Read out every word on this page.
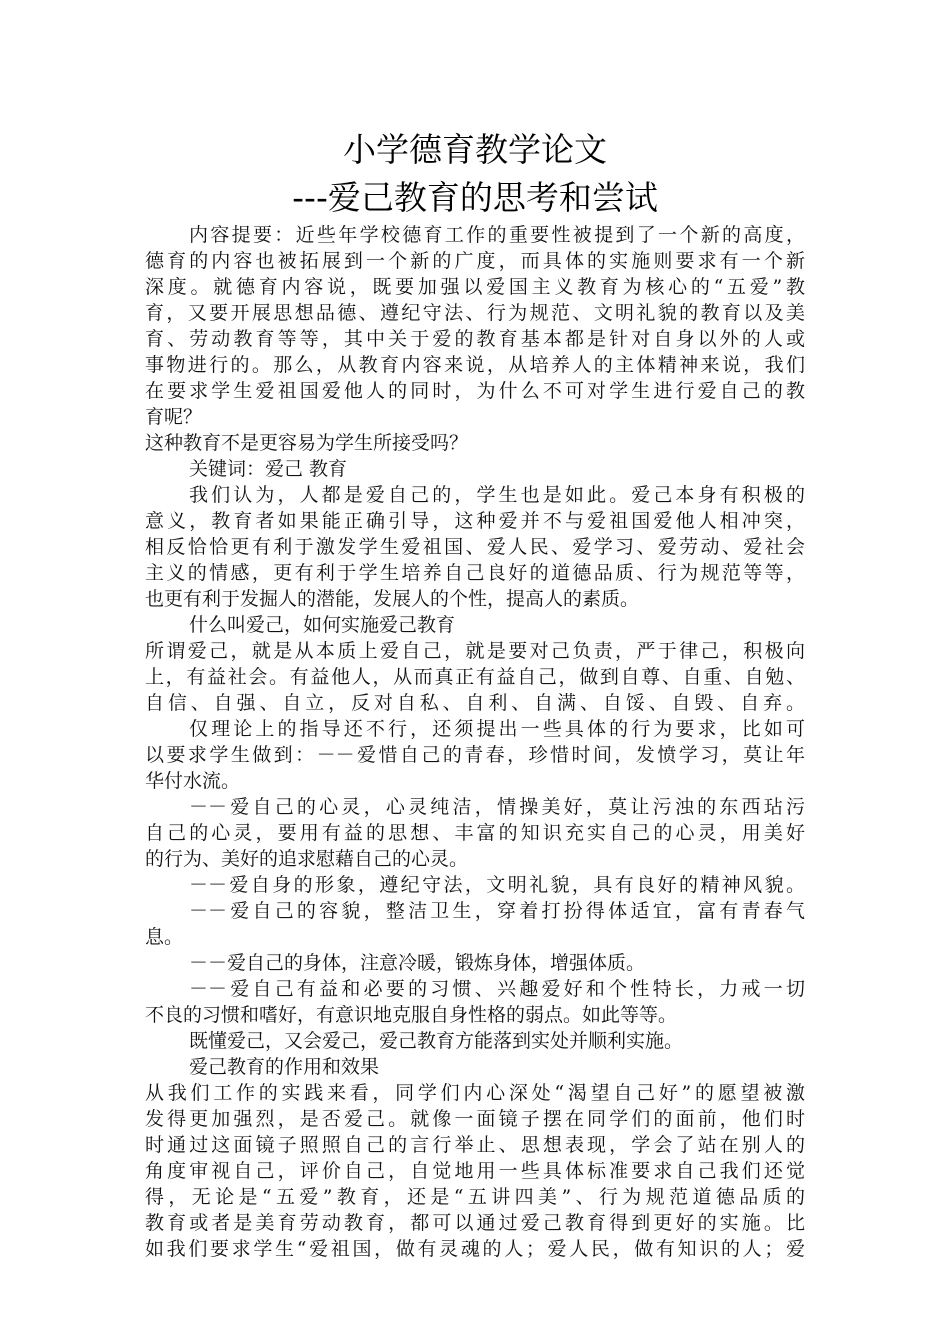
小学德育教学论文
---爱己教育的思考和尝试
内容提要：近些年学校德育工作的重要性被提到了一个新的高度，
德育的内容也被拓展到一个新的广度，而具体的实施则要求有一个新
深度。就德育内容说，既要加强以爱国主义教育为核心的“五爱”教
育，又要开展思想品德、遵纪守法、行为规范、文明礼貌的教育以及美
育、劳动教育等等，其中关于爱的教育基本都是针对自身以外的人或
事物进行的。那么，从教育内容来说，从培养人的主体精神来说，我们
在要求学生爱祖国爱他人的同时，为什么不可对学生进行爱自己的教
育呢？
这种教育不是更容易为学生所接受吗？
关键词：爱己 教育
我们认为，人都是爱自己的，学生也是如此。爱己本身有积极的
意义，教育者如果能正确引导，这种爱并不与爱祖国爱他人相冲突，
相反恰恰更有利于激发学生爱祖国、爱人民、爱学习、爱劳动、爱社会
主义的情感，更有利于学生培养自己良好的道德品质、行为规范等等，
也更有利于发掘人的潜能，发展人的个性，提高人的素质。
什么叫爱己，如何实施爱己教育
所谓爱己，就是从本质上爱自己，就是要对己负责，严于律己，积极向
上，有益社会。有益他人，从而真正有益自己，做到自尊、自重、自勉、
自信、自强、自立，反对自私、自利、自满、自馁、自毁、自弃。
仅理论上的指导还不行，还须提出一些具体的行为要求，比如可
以要求学生做到：－－爱惜自己的青春，珍惜时间，发愤学习，莫让年
华付水流。
－－爱自己的心灵，心灵纯洁，情操美好，莫让污浊的东西玷污
自己的心灵，要用有益的思想、丰富的知识充实自己的心灵，用美好
的行为、美好的追求慰藉自己的心灵。
－－爱自身的形象，遵纪守法，文明礼貌，具有良好的精神风貌。
－－爱自己的容貌，整洁卫生，穿着打扮得体适宜，富有青春气
息。
－－爱自己的身体，注意冷暖，锻炼身体，增强体质。
－－爱自己有益和必要的习惯、兴趣爱好和个性特长，力戒一切
不良的习惯和嗜好，有意识地克服自身性格的弱点。如此等等。
既懂爱己，又会爱己，爱己教育方能落到实处并顺利实施。
爱己教育的作用和效果
从我们工作的实践来看，同学们内心深处“渴望自己好”的愿望被激
发得更加强烈，是否爱己。就像一面镜子摆在同学们的面前，他们时
时通过这面镜子照照自己的言行举止、思想表现，学会了站在别人的
角度审视自己，评价自己，自觉地用一些具体标准要求自己我们还觉
得，无论是“五爱”教育，还是“五讲四美”、行为规范道德品质的
教育或者是美育劳动教育，都可以通过爱己教育得到更好的实施。比
如我们要求学生“爱祖国，做有灵魂的人；爱人民，做有知识的人；爱
